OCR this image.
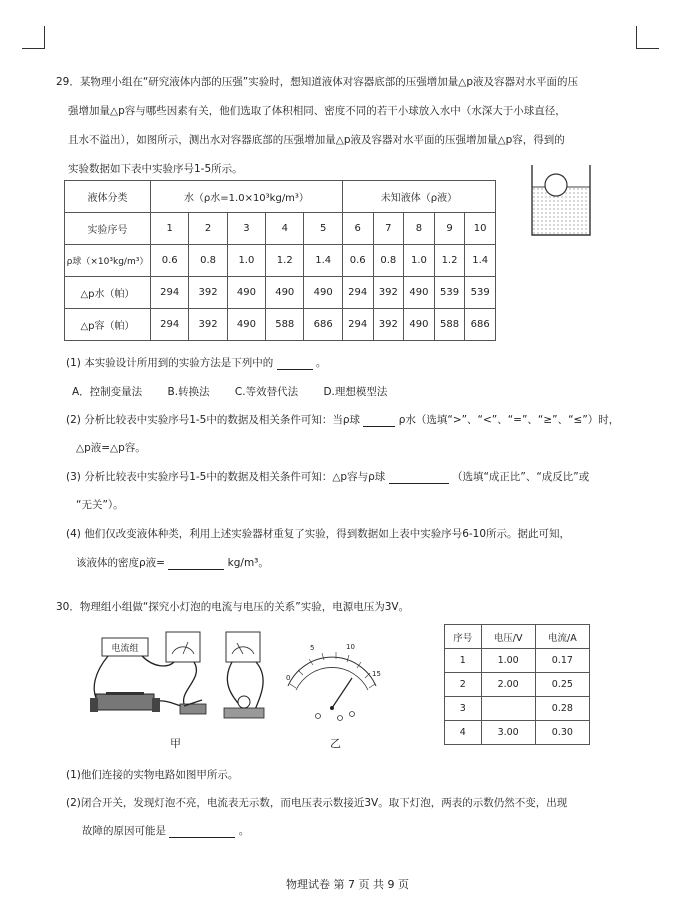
29．某物理小组在“研究液体内部的压强”实验时，想知道液体对容器底部的压强增加量△p液及容器对水平面的压
强增加量△p容与哪些因素有关，他们选取了体积相同、密度不同的若干小球放入水中（水深大于小球直径，
且水不溢出），如图所示，测出水对容器底部的压强增加量△p液及容器对水平面的压强增加量△p容，得到的
实验数据如下表中实验序号1-5所示。
液体分类	水（ρ水=1.0×10³kg/m³）					未知液体（ρ液）				
实验序号	1	2	3	4	5	6	7	8	9	10
ρ球（×10³kg/m³）	0.6	0.8	1.0	1.2	1.4	0.6	0.8	1.0	1.2	1.4
△p水（帕）	294	392	490	490	490	294	392	490	539	539
△p容（帕）	294	392	490	588	686	294	392	490	588	686
(1) 本实验设计所用到的实验方法是下列中的	。
A．控制变量法 B.转换法 C.等效替代法 D.理想模型法
(2) 分析比较表中实验序号1-5中的数据及相关条件可知：当ρ球	ρ水（选填“>”、“<”、“=”、“≥”、“≤”）时，
△p液=△p容。
(3) 分析比较表中实验序号1-5中的数据及相关条件可知：△p容与ρ球	（选填“成正比”、“成反比”或
“无关”）。
(4) 他们仅改变液体种类，利用上述实验器材重复了实验，得到数据如上表中实验序号6-10所示。据此可知，
该液体的密度ρ液=	kg/m³。
30．物理组小组做“探究小灯泡的电流与电压的关系”实验，电源电压为3V。
电流组
甲
0
5	10
15
乙
序号	电压/V	电流/A
1	1.00	0.17
2	2.00	0.25
3		0.28
4	3.00	0.30
(1)他们连接的实物电路如图甲所示。
(2)闭合开关，发现灯泡不亮，电流表无示数，而电压表示数接近3V。取下灯泡，两表的示数仍然不变，出现
故障的原因可能是	。
物理试卷 第 7 页 共 9 页
